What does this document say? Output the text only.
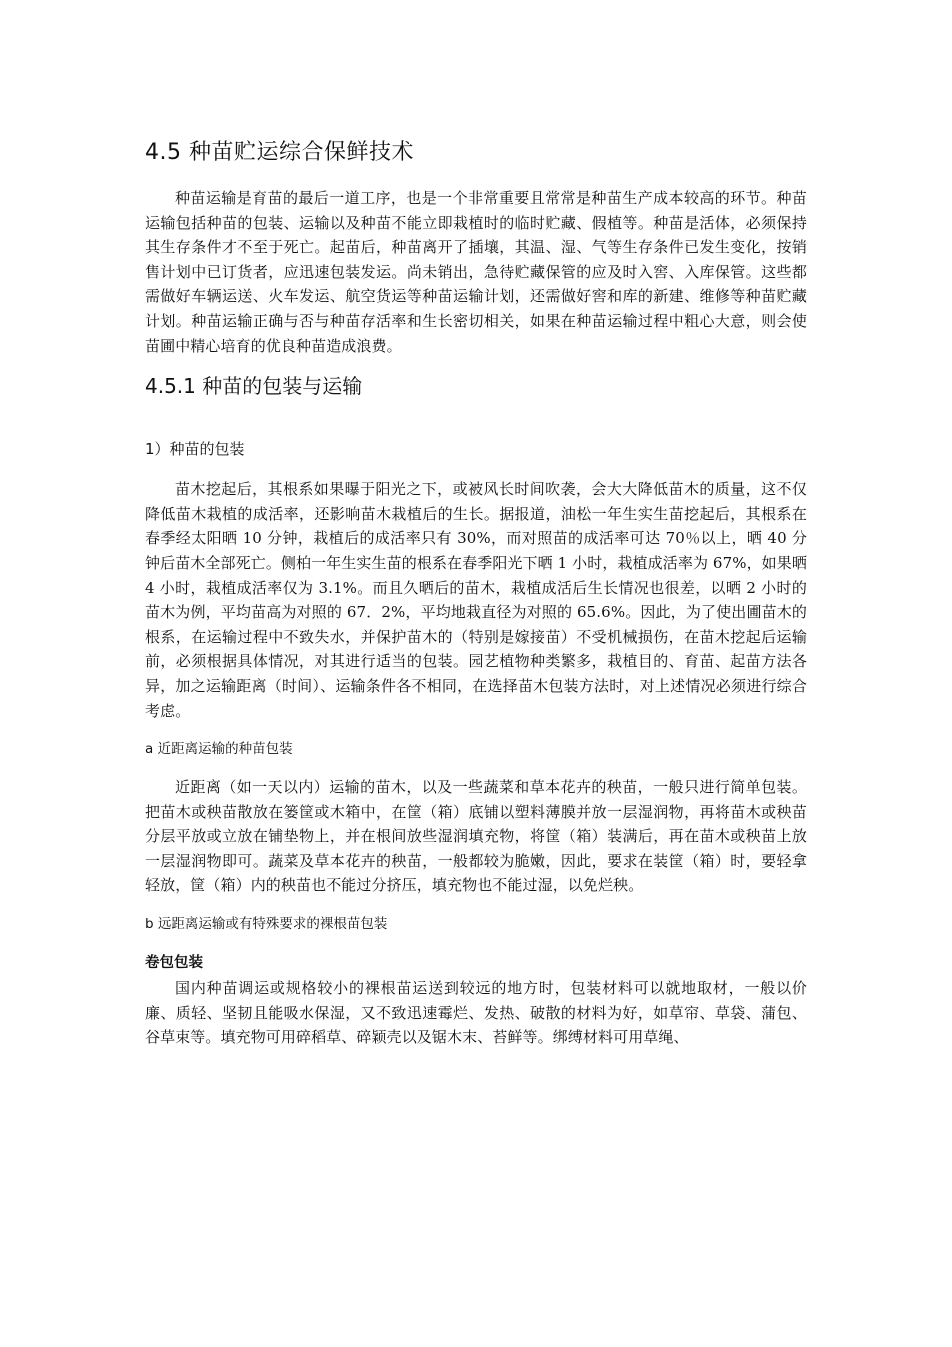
4.5 种苗贮运综合保鲜技术

种苗运输是育苗的最后一道工序，也是一个非常重要且常常是种苗生产成本较高的环节。种苗运输包括种苗的包装、运输以及种苗不能立即栽植时的临时贮藏、假植等。种苗是活体，必须保持其生存条件才不至于死亡。起苗后，种苗离开了插壤，其温、湿、气等生存条件已发生变化，按销售计划中已订货者，应迅速包装发运。尚未销出，急待贮藏保管的应及时入窖、入库保管。这些都需做好车辆运送、火车发运、航空货运等种苗运输计划，还需做好窖和库的新建、维修等种苗贮藏计划。种苗运输正确与否与种苗存活率和生长密切相关，如果在种苗运输过程中粗心大意，则会使苗圃中精心培育的优良种苗造成浪费。

4.5.1 种苗的包装与运输
1）种苗的包装

苗木挖起后，其根系如果曝于阳光之下，或被风长时间吹袭，会大大降低苗木的质量，这不仅降低苗木栽植的成活率，还影响苗木栽植后的生长。据报道，油松一年生实生苗挖起后，其根系在春季经太阳晒 10 分钟，栽植后的成活率只有 30%，而对照苗的成活率可达 70％以上，晒 40 分钟后苗木全部死亡。侧柏一年生实生苗的根系在春季阳光下晒 1 小时，栽植成活率为 67%，如果晒 4 小时，栽植成活率仅为 3.1%。而且久晒后的苗木，栽植成活后生长情况也很差，以晒 2 小时的苗木为例，平均苗高为对照的 67．2%，平均地栽直径为对照的 65.6%。因此，为了使出圃苗木的根系，在运输过程中不致失水，并保护苗木的（特别是嫁接苗）不受机械损伤，在苗木挖起后运输前，必须根据具体情况，对其进行适当的包装。园艺植物种类繁多，栽植目的、育苗、起苗方法各异，加之运输距离（时间）、运输条件各不相同，在选择苗木包装方法时，对上述情况必须进行综合考虑。

a 近距离运输的种苗包装

近距离（如一天以内）运输的苗木，以及一些蔬菜和草本花卉的秧苗，一般只进行简单包装。把苗木或秧苗散放在篓筐或木箱中，在筐（箱）底铺以塑料薄膜并放一层湿润物，再将苗木或秧苗分层平放或立放在铺垫物上，并在根间放些湿润填充物，将筐（箱）装满后，再在苗木或秧苗上放一层湿润物即可。蔬菜及草本花卉的秧苗，一般都较为脆嫩，因此，要求在装筐（箱）时，要轻拿轻放，筐（箱）内的秧苗也不能过分挤压，填充物也不能过湿，以免烂秧。

b 远距离运输或有特殊要求的裸根苗包装
卷包包装

国内种苗调运或规格较小的裸根苗运送到较远的地方时，包装材料可以就地取材，一般以价廉、质轻、坚韧且能吸水保湿，又不致迅速霉烂、发热、破散的材料为好，如草帘、草袋、蒲包、谷草束等。填充物可用碎稻草、碎颖壳以及锯木末、苔鲜等。绑缚材料可用草绳、
